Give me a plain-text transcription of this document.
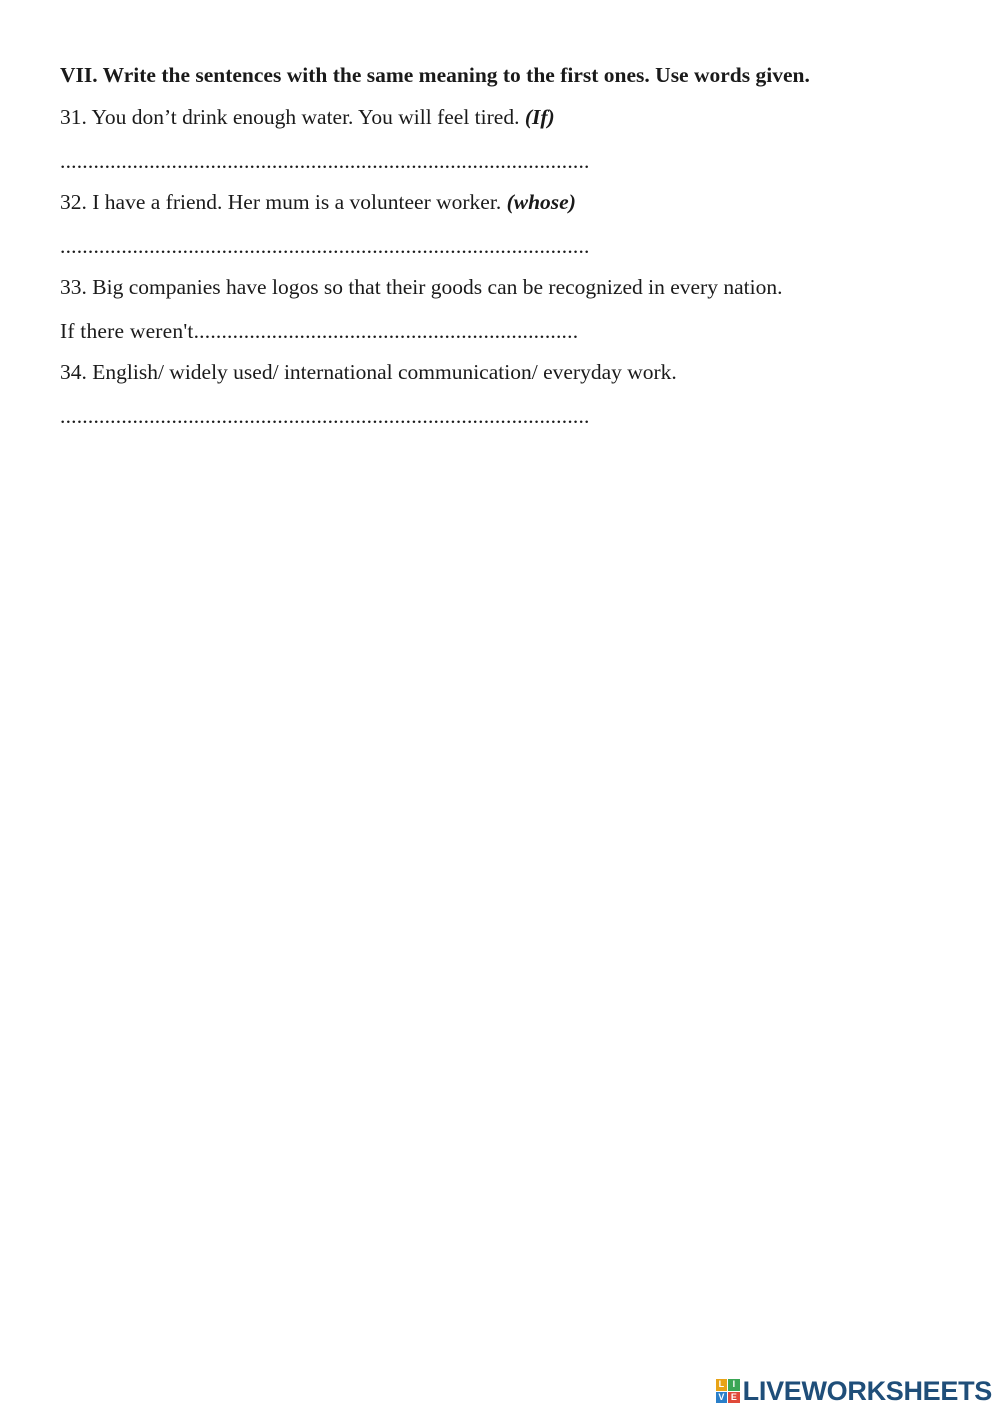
VII. Write the sentences with the same meaning to the first ones. Use words given.
31. You don’t drink enough water. You will feel tired. (If)
...............................................................................................
32. I have a friend. Her mum is a volunteer worker. (whose)
...............................................................................................
33. Big companies have logos so that their goods can be recognized in every nation.
If there weren't.....................................................................
34. English/ widely used/ international communication/ everyday work.
...............................................................................................
L I
V E LIVEWORKSHEETS
